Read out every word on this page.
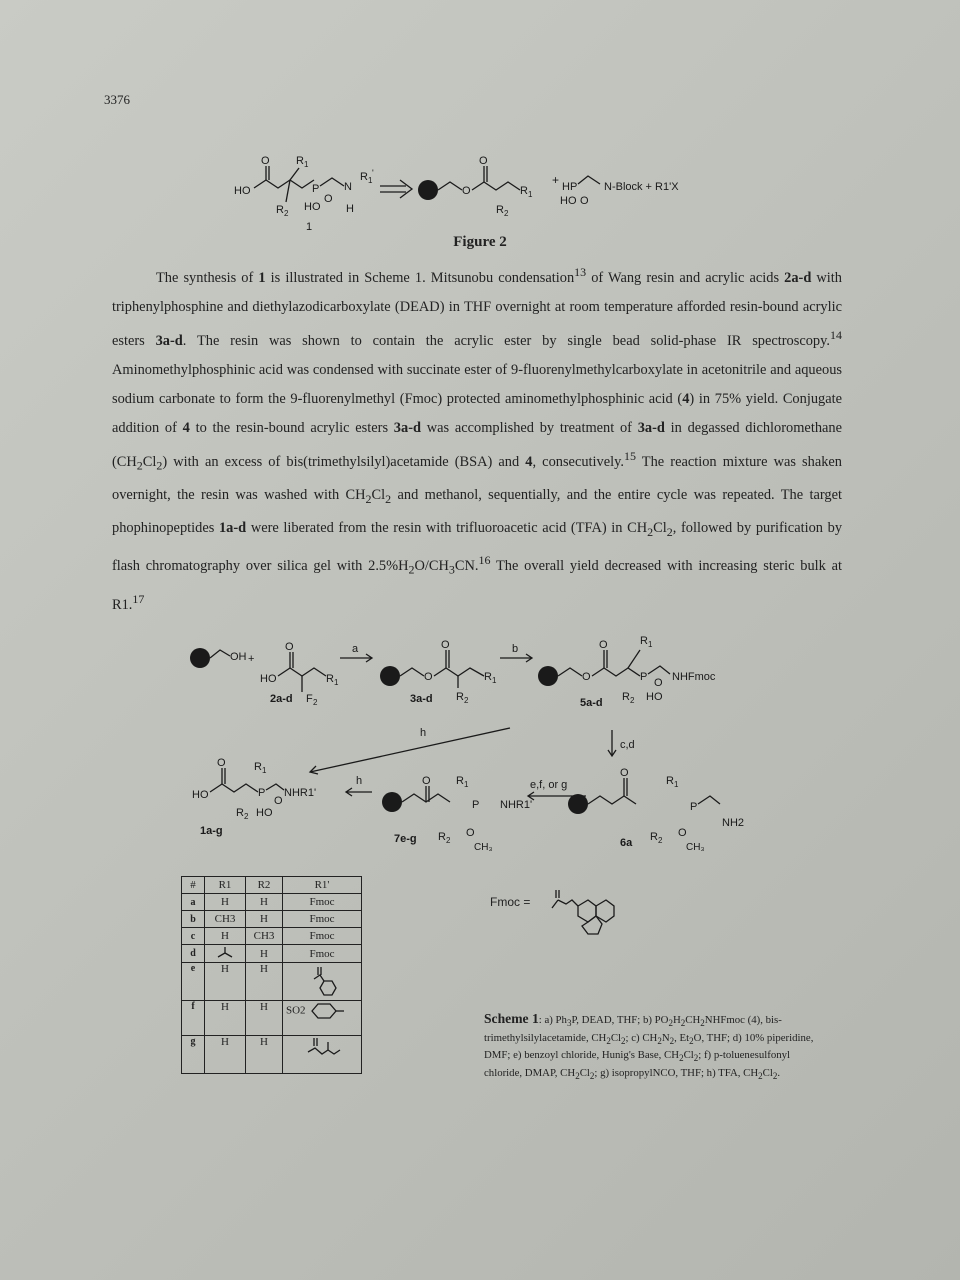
3376
HO
O R 1
R 2
P N
H
R 1
'
HO
O
1
O
O
R 1
R 2
+ HP
HO O
N-Block + R1'X
Figure 2

The synthesis of 1 is illustrated in Scheme 1. Mitsunobu condensation$^{13}$ of Wang resin and acrylic acids 2a-d with triphenylphosphine and diethylazodicarboxylate (DEAD) in THF overnight at room temperature afforded resin-bound acrylic esters 3a-d. The resin was shown to contain the acrylic ester by single bead solid-phase IR spectroscopy.$^{14}$ Aminomethylphosphinic acid was condensed with succinate ester of 9-fluorenylmethylcarboxylate in acetonitrile and aqueous sodium carbonate to form the 9-fluorenylmethyl (Fmoc) protected aminomethylphosphinic acid (4) in 75% yield. Conjugate addition of 4 to the resin-bound acrylic esters 3a-d was accomplished by treatment of 3a-d in degassed dichloromethane $(CH_2Cl_2)$ with an excess of bis(trimethylsilyl)acetamide (BSA) and 4, consecutively.$^{15}$ The reaction mixture was shaken overnight, the resin was washed with $CH_2Cl_2$ and methanol, sequentially, and the entire cycle was repeated. The target phophinopeptides 1a-d were liberated from the resin with trifluoroacetic acid (TFA) in $CH_2Cl_2$, followed by purification by flash chromatography over silica gel with $2.5\%H_2O/CH_3CN.^{16}$ The overall yield decreased with increasing steric bulk at R1.17

OH +
HO
O
R 1
2a-d F 2
a
O
O
R 1
R 2
3a-d
b
O
O	R 1
P NHFmoc
R 2 HO
O
5a-d
c,d
h
HO
O	R 1
P NHR1'
R 2 HO
O
1a-g
h	O R 1
P NHR1'
R 2
O
CH₃
7e-g
e,f, or g
O
R 1
P
NH2
R 2
O
CH₃
6a
#	R1	R2	R1'
a	H	H	Fmoc
b	CH3	H	Fmoc
c	H	CH3	Fmoc
d		H	Fmoc
e	H	H	
f	H	H	SO2
g	H	H	
Fmoc =
Scheme 1: a) $Ph_3P$, DEAD, THF; b) $PO_2H_2CH_2NHFmoc$ (4), bis-trimethylsilylacetamide, $CH_2Cl_2$; c) $CH_2N_2$, $Et_2O$, THF; d) 10% piperidine, DMF; e) benzoyl chloride, Hunig's Base, $CH_2Cl_2$; f) p-toluenesulfonyl chloride, DMAP, $CH_2Cl_2$; g) isopropylNCO, THF; h) TFA, $CH_2Cl_2$.
